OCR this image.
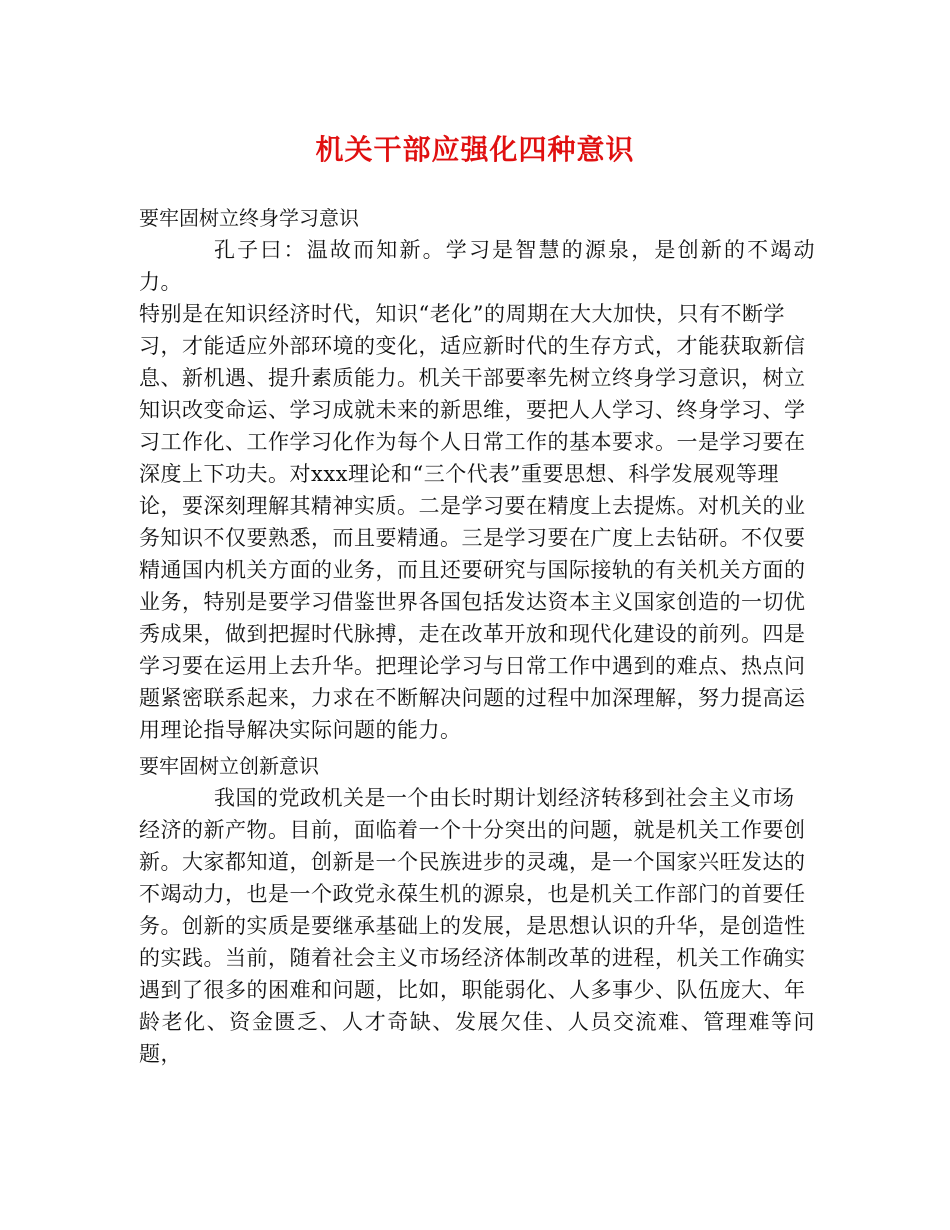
机关干部应强化四种意识
要牢固树立终身学习意识

孔子曰：温故而知新。学习是智慧的源泉，是创新的不竭动力。
特别是在知识经济时代，知识“老化”的周期在大大加快，只有不断学
习，才能适应外部环境的变化，适应新时代的生存方式，才能获取新信
息、新机遇、提升素质能力。机关干部要率先树立终身学习意识，树立
知识改变命运、学习成就未来的新思维，要把人人学习、终身学习、学
习工作化、工作学习化作为每个人日常工作的基本要求。一是学习要在
深度上下功夫。对xxx理论和“三个代表”重要思想、科学发展观等理
论，要深刻理解其精神实质。二是学习要在精度上去提炼。对机关的业
务知识不仅要熟悉，而且要精通。三是学习要在广度上去钻研。不仅要
精通国内机关方面的业务，而且还要研究与国际接轨的有关机关方面的
业务，特别是要学习借鉴世界各国包括发达资本主义国家创造的一切优
秀成果，做到把握时代脉搏，走在改革开放和现代化建设的前列。四是
学习要在运用上去升华。把理论学习与日常工作中遇到的难点、热点问
题紧密联系起来，力求在不断解决问题的过程中加深理解，努力提高运
用理论指导解决实际问题的能力。

要牢固树立创新意识

我国的党政机关是一个由长时期计划经济转移到社会主义市场
经济的新产物。目前，面临着一个十分突出的问题，就是机关工作要创
新。大家都知道，创新是一个民族进步的灵魂，是一个国家兴旺发达的
不竭动力，也是一个政党永葆生机的源泉，也是机关工作部门的首要任
务。创新的实质是要继承基础上的发展，是思想认识的升华，是创造性
的实践。当前，随着社会主义市场经济体制改革的进程，机关工作确实
遇到了很多的困难和问题，比如，职能弱化、人多事少、队伍庞大、年
龄老化、资金匮乏、人才奇缺、发展欠佳、人员交流难、管理难等问题，
